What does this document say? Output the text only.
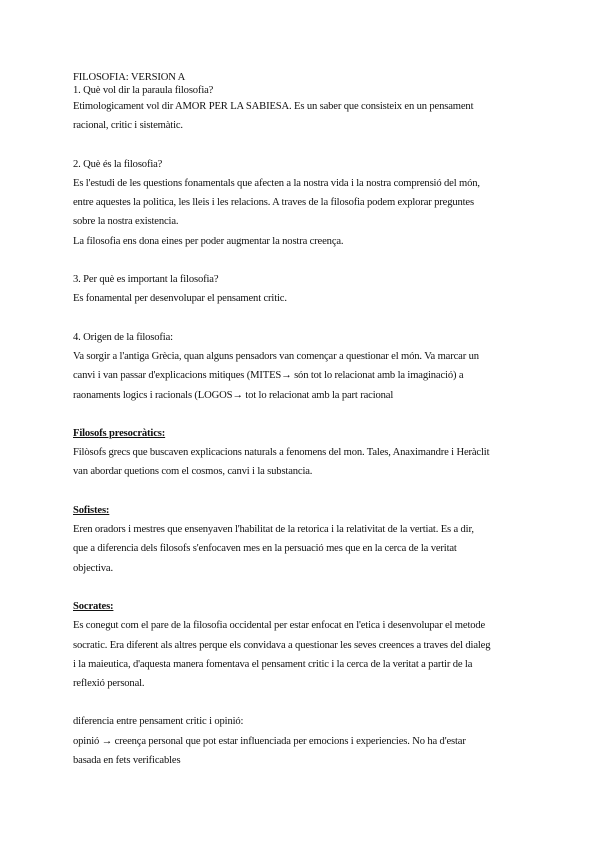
FILOSOFIA: VERSION A
1. Què vol dir la paraula filosofia?
Etimologicament vol dir AMOR PER LA SABIESA. Es un saber que consisteix en un pensament
racional, critic i sistemàtic.
2. Què és la filosofia?
Es l'estudi de les questions fonamentals que afecten a la nostra vida i la nostra comprensió del món,
entre aquestes la politica, les lleis i les relacions. A traves de la filosofia podem explorar preguntes
sobre la nostra existencia.
La filosofia ens dona eines per poder augmentar la nostra creença.
3. Per què es important la filosofia?
Es fonamental per desenvolupar el pensament critic.
4. Origen de la filosofia:
Va sorgir a l'antiga Grècia, quan alguns pensadors van començar a questionar el món. Va marcar un
canvi i van passar d'explicacions mitiques (MITES→ són tot lo relacionat amb la imaginació) a
raonaments logics i racionals (LOGOS→ tot lo relacionat amb la part racional
Filosofs presocràtics:
Filòsofs grecs que buscaven explicacions naturals a fenomens del mon. Tales, Anaximandre i Heràclit
van abordar quetions com el cosmos, canvi i la substancia.
Sofistes:
Eren oradors i mestres que ensenyaven l'habilitat de la retorica i la relativitat de la vertiat. Es a dir,
que a diferencia dels filosofs s'enfocaven mes en la persuació mes que en la cerca de la veritat
objectiva.
Socrates:
Es conegut com el pare de la filosofia occidental per estar enfocat en l'etica i desenvolupar el metode
socratic. Era diferent als altres perque els convidava a questionar les seves creences a traves del dialeg
i la maieutica, d'aquesta manera fomentava el pensament critic i la cerca de la veritat a partir de la
reflexió personal.
diferencia entre pensament critic i opinió:
opinió → creença personal que pot estar influenciada per emocions i experiencies. No ha d'estar
basada en fets verificables
